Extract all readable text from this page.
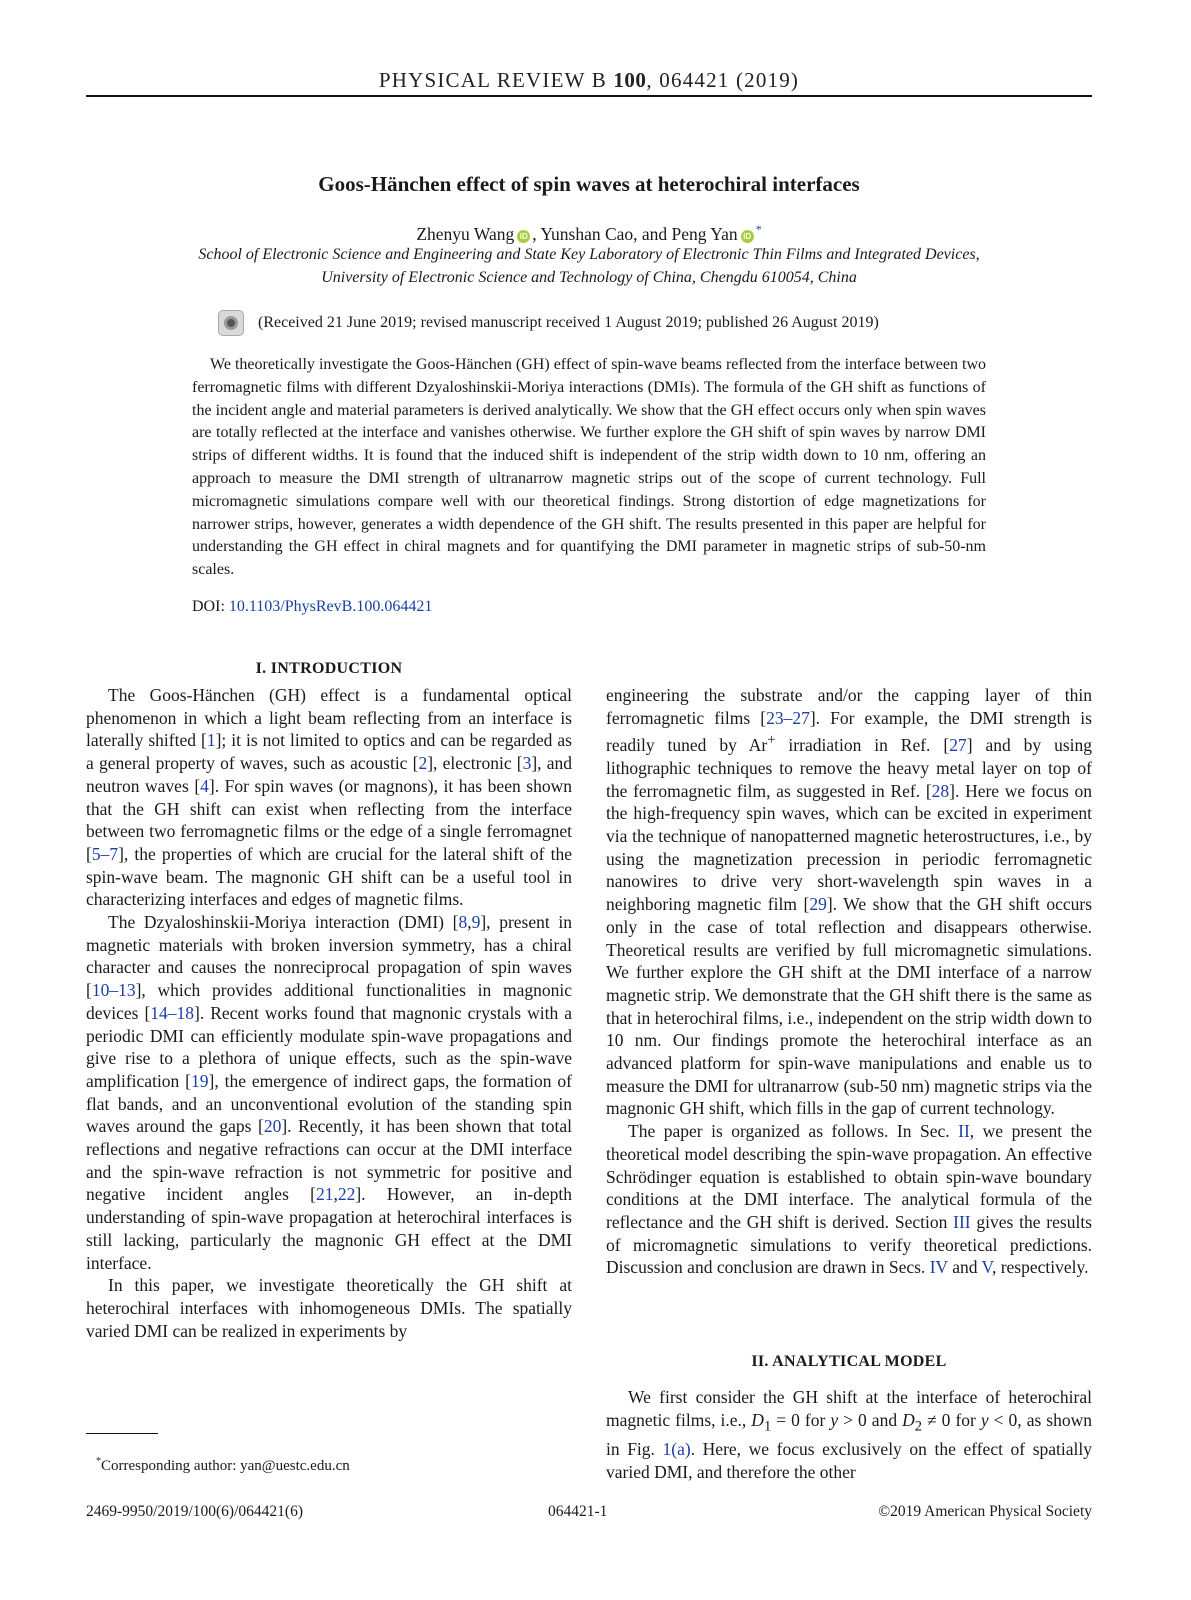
PHYSICAL REVIEW B 100, 064421 (2019)
Goos-Hänchen effect of spin waves at heterochiral interfaces
Zhenyu Wang iD , Yunshan Cao, and Peng Yan iD*
School of Electronic Science and Engineering and State Key Laboratory of Electronic Thin Films and Integrated Devices,
University of Electronic Science and Technology of China, Chengdu 610054, China
(Received 21 June 2019; revised manuscript received 1 August 2019; published 26 August 2019)
We theoretically investigate the Goos-Hänchen (GH) effect of spin-wave beams reflected from the interface between two ferromagnetic films with different Dzyaloshinskii-Moriya interactions (DMIs). The formula of the GH shift as functions of the incident angle and material parameters is derived analytically. We show that the GH effect occurs only when spin waves are totally reflected at the interface and vanishes otherwise. We further explore the GH shift of spin waves by narrow DMI strips of different widths. It is found that the induced shift is independent of the strip width down to 10 nm, offering an approach to measure the DMI strength of ultranarrow magnetic strips out of the scope of current technology. Full micromagnetic simulations compare well with our theoretical findings. Strong distortion of edge magnetizations for narrower strips, however, generates a width dependence of the GH shift. The results presented in this paper are helpful for understanding the GH effect in chiral magnets and for quantifying the DMI parameter in magnetic strips of sub-50-nm scales.
DOI: 10.1103/PhysRevB.100.064421
I. INTRODUCTION

The Goos-Hänchen (GH) effect is a fundamental optical phenomenon in which a light beam reflecting from an interface is laterally shifted [1]; it is not limited to optics and can be regarded as a general property of waves, such as acoustic [2], electronic [3], and neutron waves [4]. For spin waves (or magnons), it has been shown that the GH shift can exist when reflecting from the interface between two ferromagnetic films or the edge of a single ferromagnet [5–7], the properties of which are crucial for the lateral shift of the spin-wave beam. The magnonic GH shift can be a useful tool in characterizing interfaces and edges of magnetic films.

The Dzyaloshinskii-Moriya interaction (DMI) [8,9], present in magnetic materials with broken inversion symmetry, has a chiral character and causes the nonreciprocal propagation of spin waves [10–13], which provides additional functionalities in magnonic devices [14–18]. Recent works found that magnonic crystals with a periodic DMI can efficiently modulate spin-wave propagations and give rise to a plethora of unique effects, such as the spin-wave amplification [19], the emergence of indirect gaps, the formation of flat bands, and an unconventional evolution of the standing spin waves around the gaps [20]. Recently, it has been shown that total reflections and negative refractions can occur at the DMI interface and the spin-wave refraction is not symmetric for positive and negative incident angles [21,22]. However, an in-depth understanding of spin-wave propagation at heterochiral interfaces is still lacking, particularly the magnonic GH effect at the DMI interface.

In this paper, we investigate theoretically the GH shift at heterochiral interfaces with inhomogeneous DMIs. The spatially varied DMI can be realized in experiments by

engineering the substrate and/or the capping layer of thin ferromagnetic films [23–27]. For example, the DMI strength is readily tuned by Ar+ irradiation in Ref. [27] and by using lithographic techniques to remove the heavy metal layer on top of the ferromagnetic film, as suggested in Ref. [28]. Here we focus on the high-frequency spin waves, which can be excited in experiment via the technique of nanopatterned magnetic heterostructures, i.e., by using the magnetization precession in periodic ferromagnetic nanowires to drive very short-wavelength spin waves in a neighboring magnetic film [29]. We show that the GH shift occurs only in the case of total reflection and disappears otherwise. Theoretical results are verified by full micromagnetic simulations. We further explore the GH shift at the DMI interface of a narrow magnetic strip. We demonstrate that the GH shift there is the same as that in heterochiral films, i.e., independent on the strip width down to 10 nm. Our findings promote the heterochiral interface as an advanced platform for spin-wave manipulations and enable us to measure the DMI for ultranarrow (sub-50 nm) magnetic strips via the magnonic GH shift, which fills in the gap of current technology.

The paper is organized as follows. In Sec. II, we present the theoretical model describing the spin-wave propagation. An effective Schrödinger equation is established to obtain spin-wave boundary conditions at the DMI interface. The analytical formula of the reflectance and the GH shift is derived. Section III gives the results of micromagnetic simulations to verify theoretical predictions. Discussion and conclusion are drawn in Secs. IV and V, respectively.

II. ANALYTICAL MODEL

We first consider the GH shift at the interface of heterochiral magnetic films, i.e., $D_1 = 0$ for y > 0 and $D_2 \ne 0$ for y < 0, as shown in Fig. 1(a). Here, we focus exclusively on the effect of spatially varied DMI, and therefore the other

*Corresponding author: yan@uestc.edu.cn
2469-9950/2019/100(6)/064421(6)	064421-1	©2019 American Physical Society
